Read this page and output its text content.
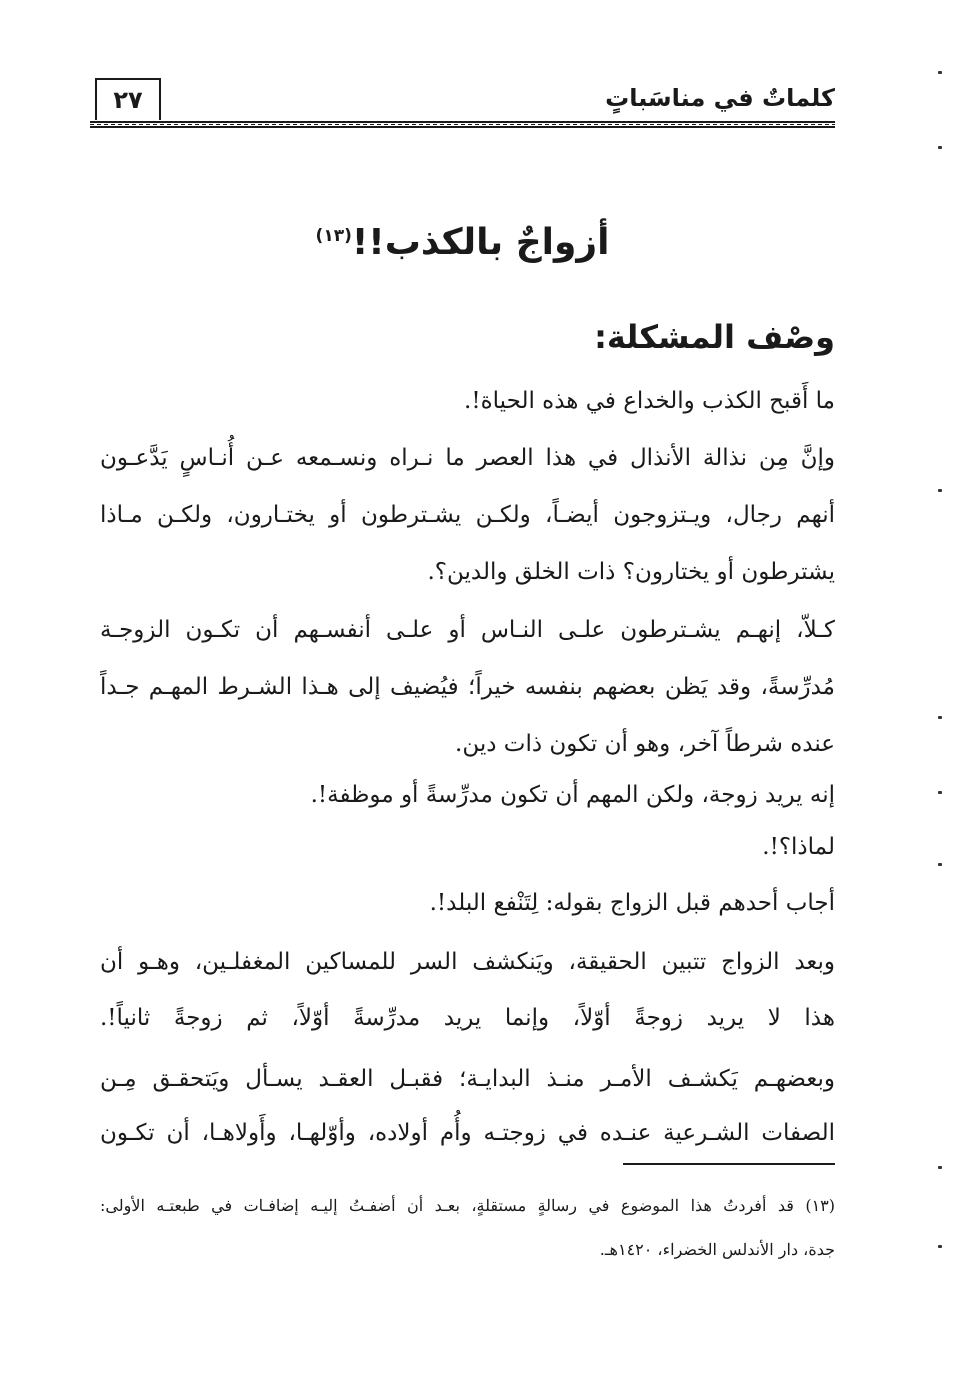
كلماتٌ في مناسَباتٍ
٢٧
أزواجٌ بالكذب!!$^{(١٣)}$
وصْف المشكلة:
ما أَقبح الكذب والخداع في هذه الحياة!.
وإنَّ مِن نذالة الأنذال في هذا العصر ما نـراه ونسـمعه عـن أُنـاسٍ يَدَّعـون
أنهم رجال، ويـتزوجون أيضـاً، ولكـن يشـترطون أو يختـارون، ولكـن مـاذا
يشترطون أو يختارون؟ ذات الخلق والدين؟.
كـلاّ، إنهـم يشـترطون علـى النـاس أو علـى أنفسـهم أن تكـون الزوجـة
مُدرِّسةً، وقد يَظن بعضهم بنفسه خيراً؛ فيُضيف إلى هـذا الشـرط المهـم جـداً
عنده شرطاً آخر، وهو أن تكون ذات دين.
إنه يريد زوجة، ولكن المهم أن تكون مدرِّسةً أو موظفة!.
لماذا؟!.
أجاب أحدهم قبل الزواج بقوله: لِتَنْفع البلد!.
وبعد الزواج تتبين الحقيقة، ويَنكشف السر للمساكين المغفلـين، وهـو أن
هذا لا يريد زوجةً أوّلاً، وإنما يريد مدرِّسةً أوّلاً، ثم زوجةً ثانياً!.
وبعضهـم يَكشـف الأمـر منـذ البدايـة؛ فقبـل العقـد يسـأل ويَتحقـق مِـن
الصفات الشـرعية عنـده في زوجتـه وأُم أولاده، وأوّلهـا، وأَولاهـا، أن تكـون
(١٣) قد أفردتُ هذا الموضوع في رسالةٍ مستقلةٍ، بعـد أن أضفـتُ إليـه إضافـات في طبعتـه الأولى:
جدة، دار الأندلس الخضراء، ١٤٢٠هـ.
